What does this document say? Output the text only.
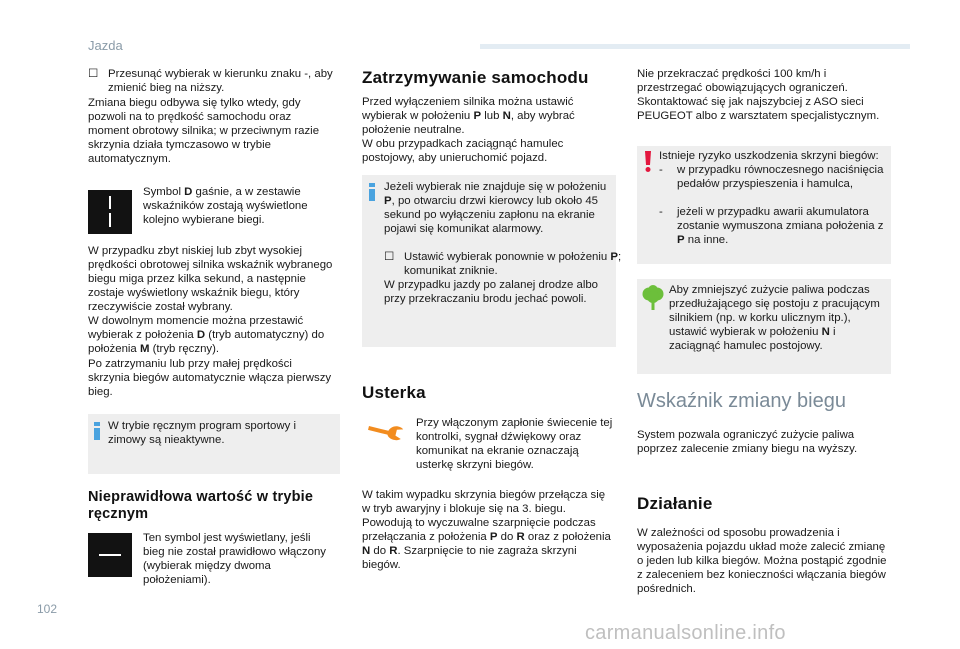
Jazda

☐ Przesunąć wybierak w kierunku znaku -, aby zmienić bieg na niższy.

Zmiana biegu odbywa się tylko wtedy, gdy pozwoli na to prędkość samochodu oraz moment obrotowy silnika; w przeciwnym razie skrzynia działa tymczasowo w trybie automatycznym.

Symbol D gaśnie, a w zestawie wskaźników zostają wyświetlone kolejno wybierane biegi.

W przypadku zbyt niskiej lub zbyt wysokiej prędkości obrotowej silnika wskaźnik wybranego biegu miga przez kilka sekund, a następnie zostaje wyświetlony wskaźnik biegu, który rzeczywiście został wybrany.

W dowolnym momencie można przestawić wybierak z położenia D (tryb automatyczny) do położenia M (tryb ręczny).

Po zatrzymaniu lub przy małej prędkości skrzynia biegów automatycznie włącza pierwszy bieg.

W trybie ręcznym program sportowy i zimowy są nieaktywne.

Nieprawidłowa wartość w trybie ręcznym

Ten symbol jest wyświetlany, jeśli bieg nie został prawidłowo włączony (wybierak między dwoma położeniami).

Zatrzymywanie samochodu

Przed wyłączeniem silnika można ustawić wybierak w położeniu P lub N, aby wybrać położenie neutralne.

W obu przypadkach zaciągnąć hamulec postojowy, aby unieruchomić pojazd.

Jeżeli wybierak nie znajduje się w położeniu P, po otwarciu drzwi kierowcy lub około 45 sekund po wyłączeniu zapłonu na ekranie pojawi się komunikat alarmowy.

☐ Ustawić wybierak ponownie w położeniu P; komunikat zniknie.

W przypadku jazdy po zalanej drodze albo przy przekraczaniu brodu jechać powoli.

Usterka

Przy włączonym zapłonie świecenie tej kontrolki, sygnał dźwiękowy oraz komunikat na ekranie oznaczają usterkę skrzyni biegów.

W takim wypadku skrzynia biegów przełącza się w tryb awaryjny i blokuje się na 3. biegu. Powodują to wyczuwalne szarpnięcie podczas przełączania z położenia P do R oraz z położenia N do R. Szarpnięcie to nie zagraża skrzyni biegów.

Nie przekraczać prędkości 100 km/h i przestrzegać obowiązujących ograniczeń. Skontaktować się jak najszybciej z ASO sieci PEUGEOT albo z warsztatem specjalistycznym.

Istnieje ryzyko uszkodzenia skrzyni biegów:

-	w przypadku równoczesnego naciśnięcia pedałów przyspieszenia i hamulca,

-	jeżeli w przypadku awarii akumulatora zostanie wymuszona zmiana położenia z P na inne.

Aby zmniejszyć zużycie paliwa podczas przedłużającego się postoju z pracującym silnikiem (np. w korku ulicznym itp.), ustawić wybierak w położeniu N i zaciągnąć hamulec postojowy.

Wskaźnik zmiany biegu

System pozwala ograniczyć zużycie paliwa poprzez zalecenie zmiany biegu na wyższy.

Działanie

W zależności od sposobu prowadzenia i wyposażenia pojazdu układ może zalecić zmianę o jeden lub kilka biegów. Można postąpić zgodnie z zaleceniem bez konieczności włączania biegów pośrednich.

102
carmanualsonline.info
